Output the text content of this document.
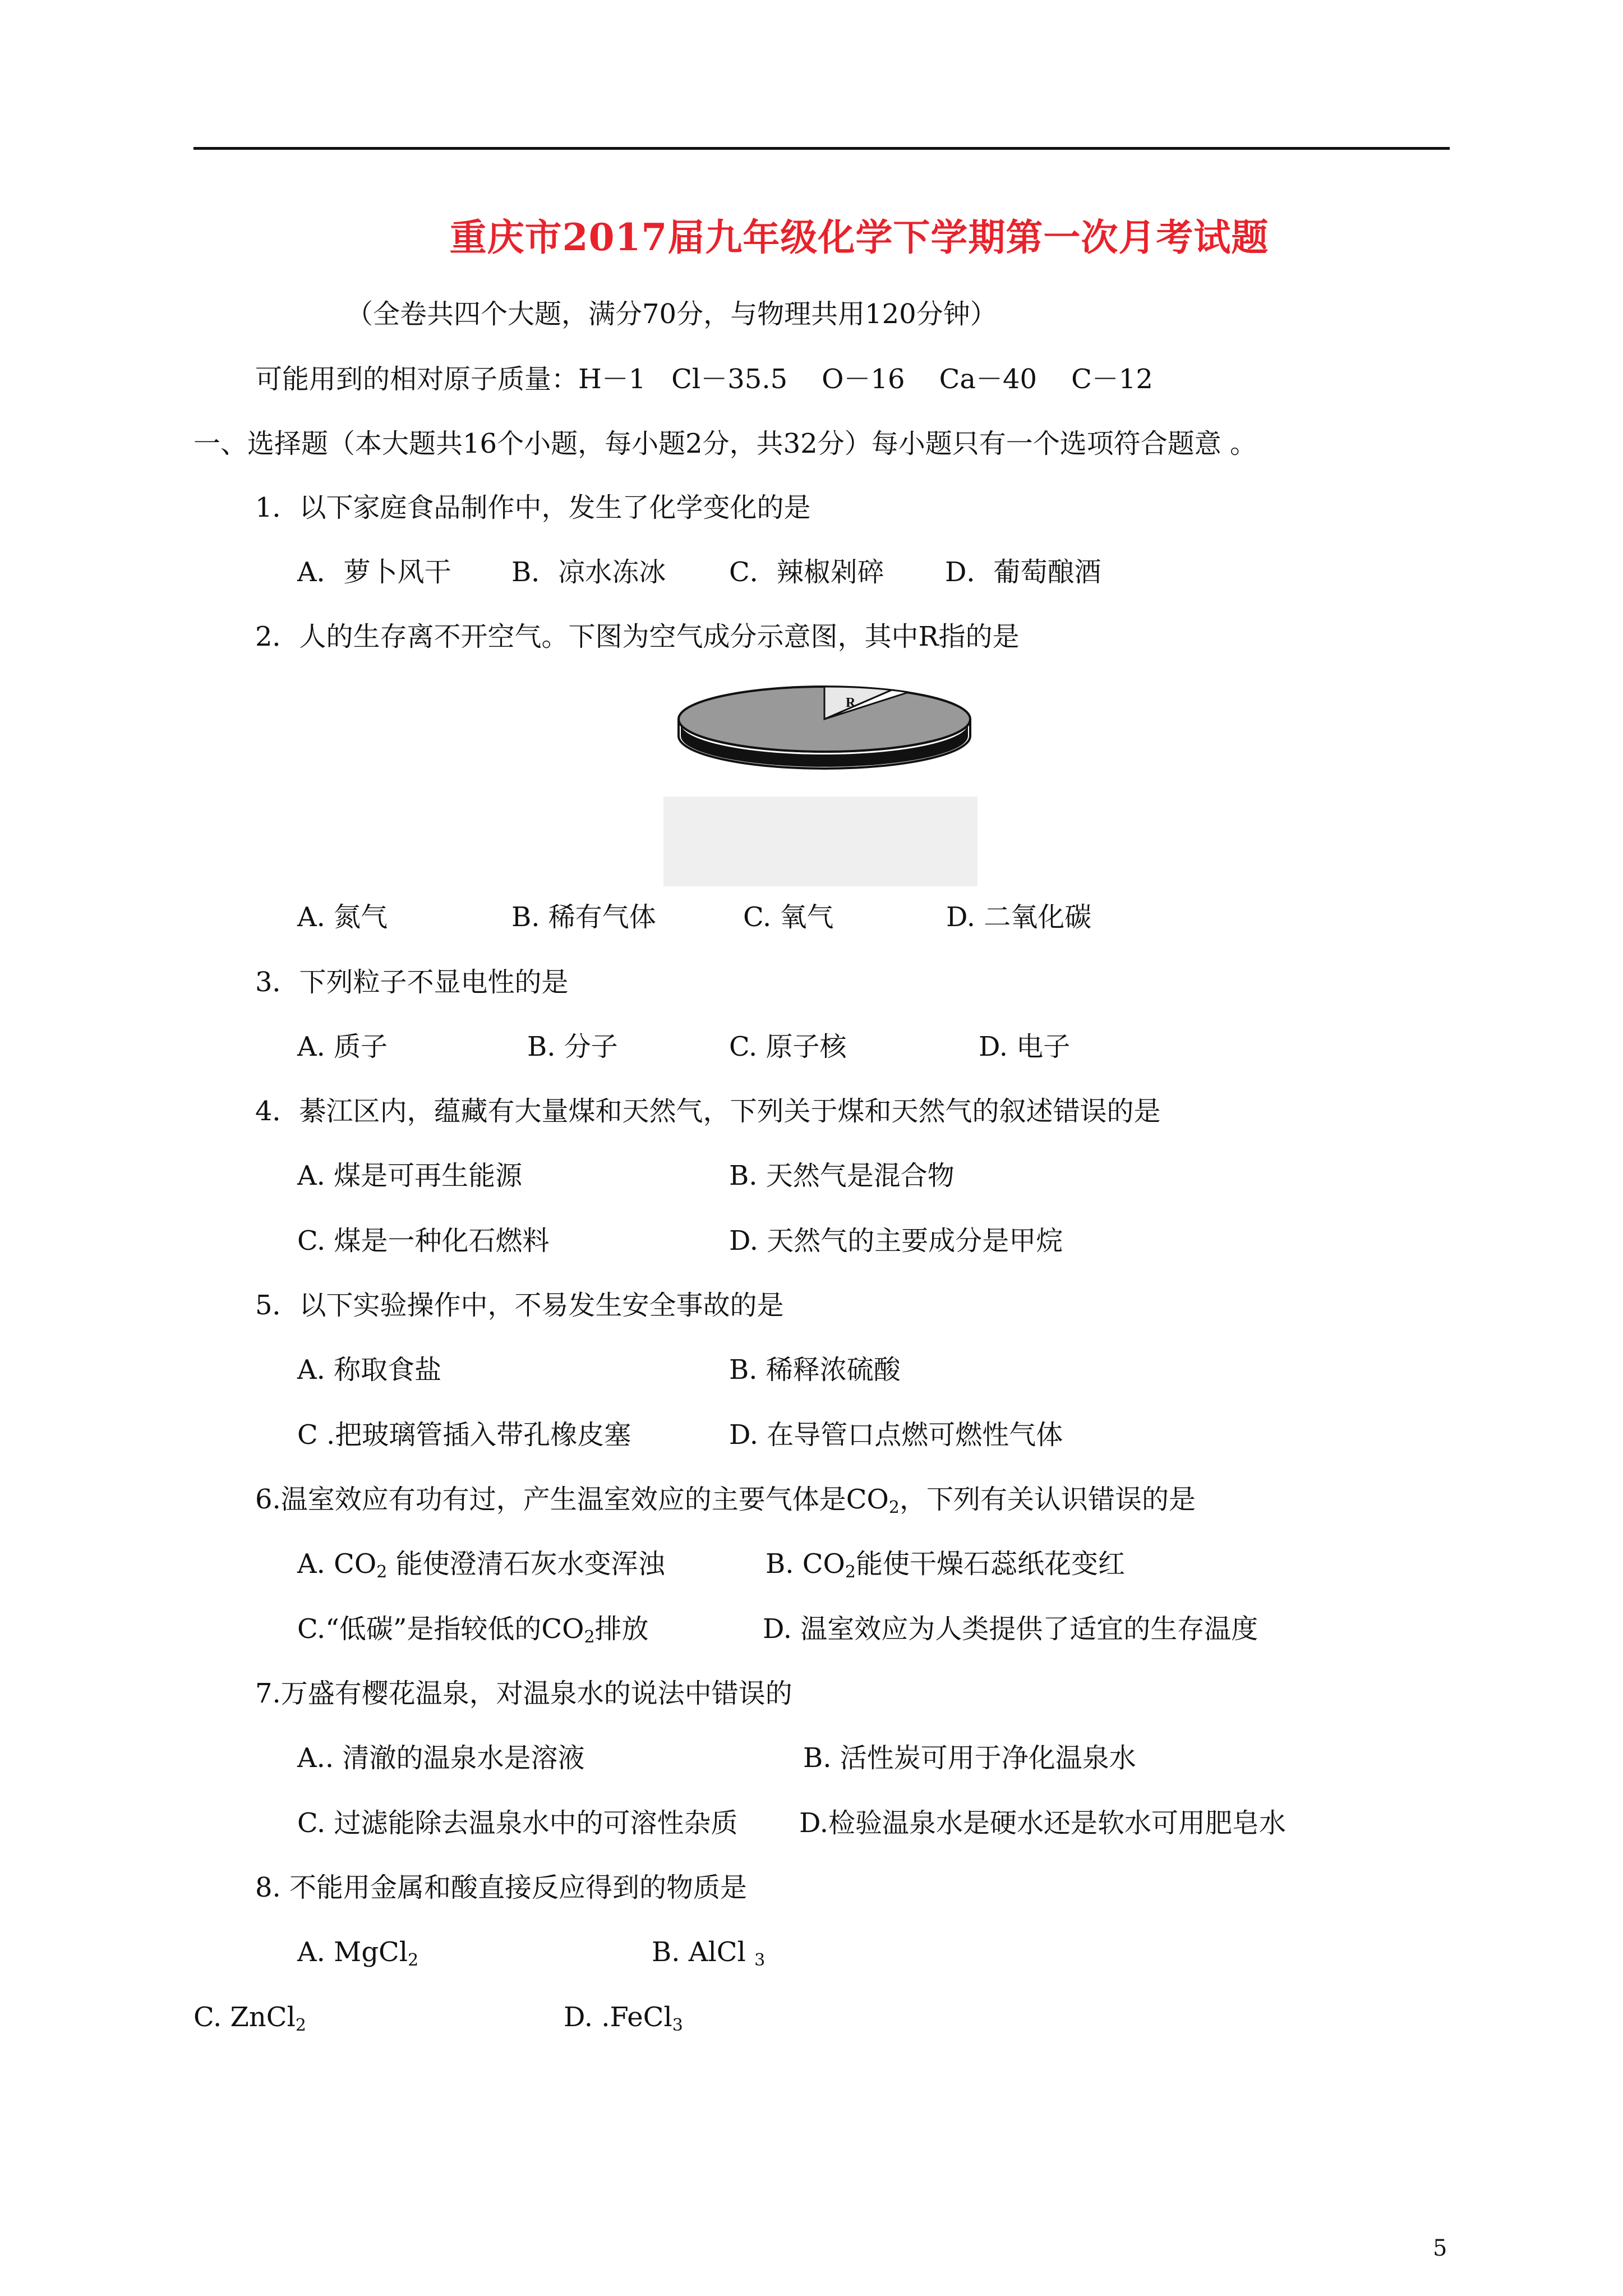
重庆市2017届九年级化学下学期第一次月考试题
（全卷共四个大题，满分70分，与物理共用120分钟）
可能用到的相对原子质量：H－1   Cl－35.5    O－16    Ca－40    C－12
一、选择题（本大题共16个小题，每小题2分，共32分）每小题只有一个选项符合题意 。
1．以下家庭食品制作中，发生了化学变化的是
A．萝卜风干 B．凉水冻冰 C．辣椒剁碎 D．葡萄酿酒
2．人的生存离不开空气。下图为空气成分示意图，其中R指的是
R
A. 氮气	B. 稀有气体	C. 氧气	D. 二氧化碳
3．下列粒子不显电性的是
A. 质子	B. 分子	C. 原子核	D. 电子
4．綦江区内，蕴藏有大量煤和天然气，下列关于煤和天然气的叙述错误的是
A. 煤是可再生能源	B. 天然气是混合物
C. 煤是一种化石燃料	D. 天然气的主要成分是甲烷
5．以下实验操作中，不易发生安全事故的是
A. 称取食盐	B. 稀释浓硫酸
C .把玻璃管插入带孔橡皮塞	D. 在导管口点燃可燃性气体
6.温室效应有功有过，产生温室效应的主要气体是$CO_2$，下列有关认识错误的是
A. $CO_2$ 能使澄清石灰水变浑浊	B. $CO_2$能使干燥石蕊纸花变红
C.“低碳”是指较低的$CO_2$排放	D. 温室效应为人类提供了适宜的生存温度
7.万盛有樱花温泉，对温泉水的说法中错误的
A.. 清澈的温泉水是溶液	B. 活性炭可用于净化温泉水
C. 过滤能除去温泉水中的可溶性杂质 D.检验温泉水是硬水还是软水可用肥皂水
8. 不能用金属和酸直接反应得到的物质是
A. MgCl$_2$	B. AlCl $_3$
C. ZnCl$_2$	D. .FeCl$_3$
5
